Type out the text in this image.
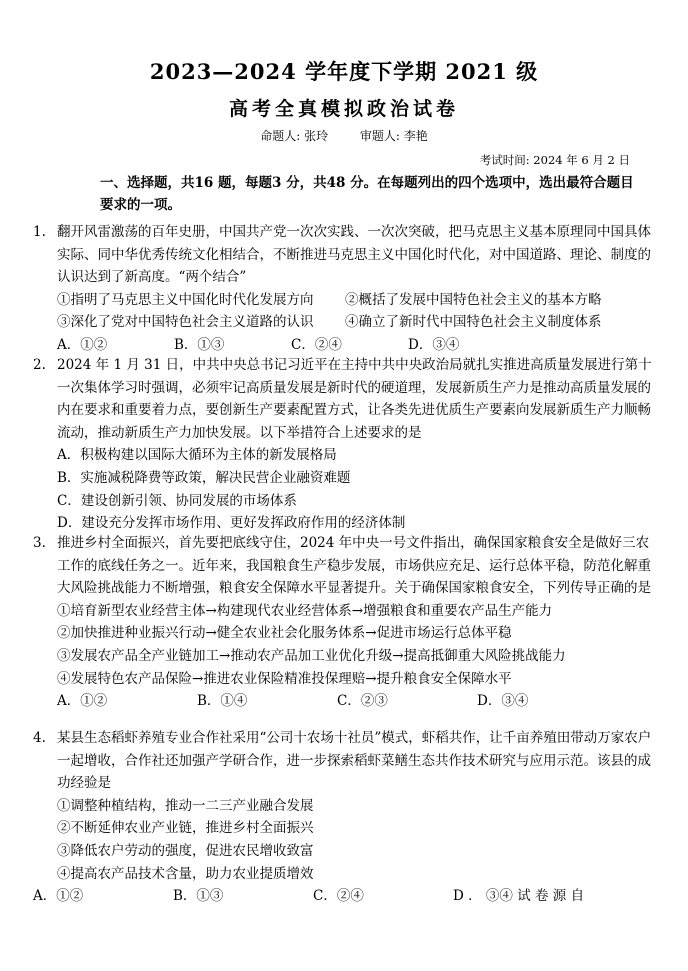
2023—2024 学年度下学期 2021 级
高考全真模拟政治试卷
命题人: 张玲	审题人: 李艳
考试时间: 2024 年 6 月 2 日
一、选择题，共16 题，每题3 分，共48 分。在每题列出的四个选项中，选出最符合题目要求的一项。
1. 翻开风雷激荡的百年史册，中国共产党一次次实践、一次次突破，把马克思主义基本原理同中国具体实际、同中华优秀传统文化相结合，不断推进马克思主义中国化时代化，对中国道路、理论、制度的认识达到了新高度。“两个结合”

①指明了马克思主义中国化时代化发展方向	②概括了发展中国特色社会主义的基本方略
③深化了党对中国特色社会主义道路的认识	④确立了新时代中国特色社会主义制度体系
A．①②	B．①③	C．②④	D．③④
2. 2024 年 1 月 31 日，中共中央总书记习近平在主持中共中央政治局就扎实推进高质量发展进行第十一次集体学习时强调，必须牢记高质量发展是新时代的硬道理，发展新质生产力是推动高质量发展的内在要求和重要着力点，要创新生产要素配置方式，让各类先进优质生产要素向发展新质生产力顺畅流动，推动新质生产力加快发展。以下举措符合上述要求的是

A．积极构建以国际大循环为主体的新发展格局

B．实施减税降费等政策，解决民营企业融资难题

C．建设创新引领、协同发展的市场体系

D．建设充分发挥市场作用、更好发挥政府作用的经济体制

3. 推进乡村全面振兴，首先要把底线守住，2024 年中央一号文件指出，确保国家粮食安全是做好三农工作的底线任务之一。近年来，我国粮食生产稳步发展，市场供应充足、运行总体平稳，防范化解重大风险挑战能力不断增强，粮食安全保障水平显著提升。关于确保国家粮食安全，下列传导正确的是

①培育新型农业经营主体→构建现代农业经营体系→增强粮食和重要农产品生产能力

②加快推进种业振兴行动→健全农业社会化服务体系→促进市场运行总体平稳

③发展农产品全产业链加工→推动农产品加工业优化升级→提高抵御重大风险挑战能力

④发展特色农产品保险→推进农业保险精准投保理赔→提升粮食安全保障水平

A．①②	B．①④	C．②③	D．③④
4. 某县生态稻虾养殖专业合作社采用“公司十农场十社员”模式，虾稻共作，让千亩养殖田带动万家农户一起增收，合作社还加强产学研合作，进一步探索稻虾菜鳝生态共作技术研究与应用示范。该县的成功经验是

①调整种植结构，推动一二三产业融合发展

②不断延伸农业产业链，推进乡村全面振兴

③降低农户劳动的强度，促进农民增收致富

④提高农产品技术含量，助力农业提质增效

A．①②	B．①③	C．②④	D ． ③④ 试 卷 源 自
